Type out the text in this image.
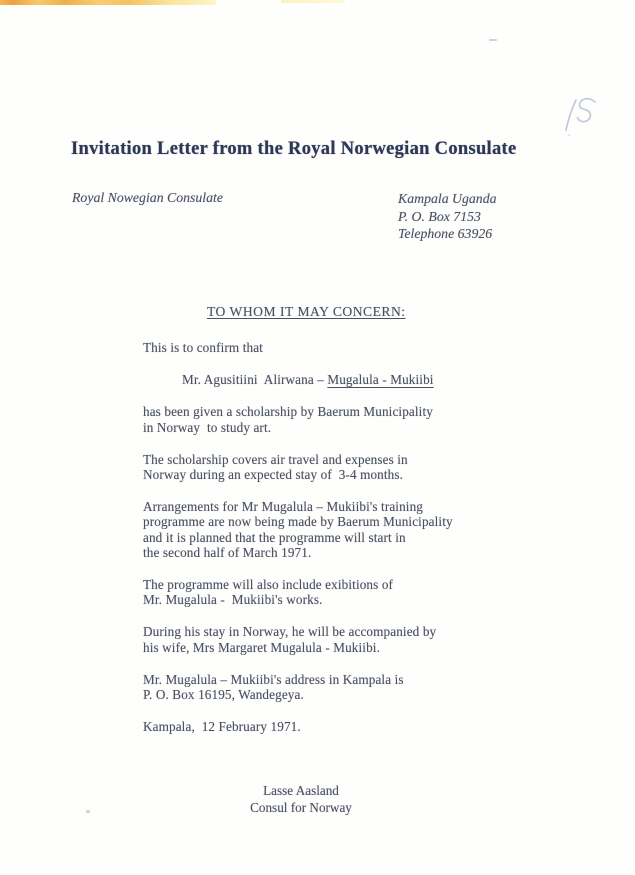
Invitation Letter from the Royal Norwegian Consulate
Royal Nowegian Consulate	Kampala Uganda
P. O. Box 7153
Telephone 63926
TO WHOM IT MAY CONCERN:
This is to confirm that
Mr. Agusitiini  Alirwana – Mugalula - Mukiibi
has been given a scholarship by Baerum Municipality
in Norway  to study art.
The scholarship covers air travel and expenses in
Norway during an expected stay of  3-4 months.
Arrangements for Mr Mugalula – Mukiibi's training
programme are now being made by Baerum Municipality
and it is planned that the programme will start in
the second half of March 1971.
The programme will also include exibitions of
Mr. Mugalula -  Mukiibi's works.
During his stay in Norway, he will be accompanied by
his wife, Mrs Margaret Mugalula - Mukiibi.
Mr. Mugalula – Mukiibi's address in Kampala is
P. O. Box 16195, Wandegeya.
Kampala,  12 February 1971.
Lasse Aasland
Consul for Norway
